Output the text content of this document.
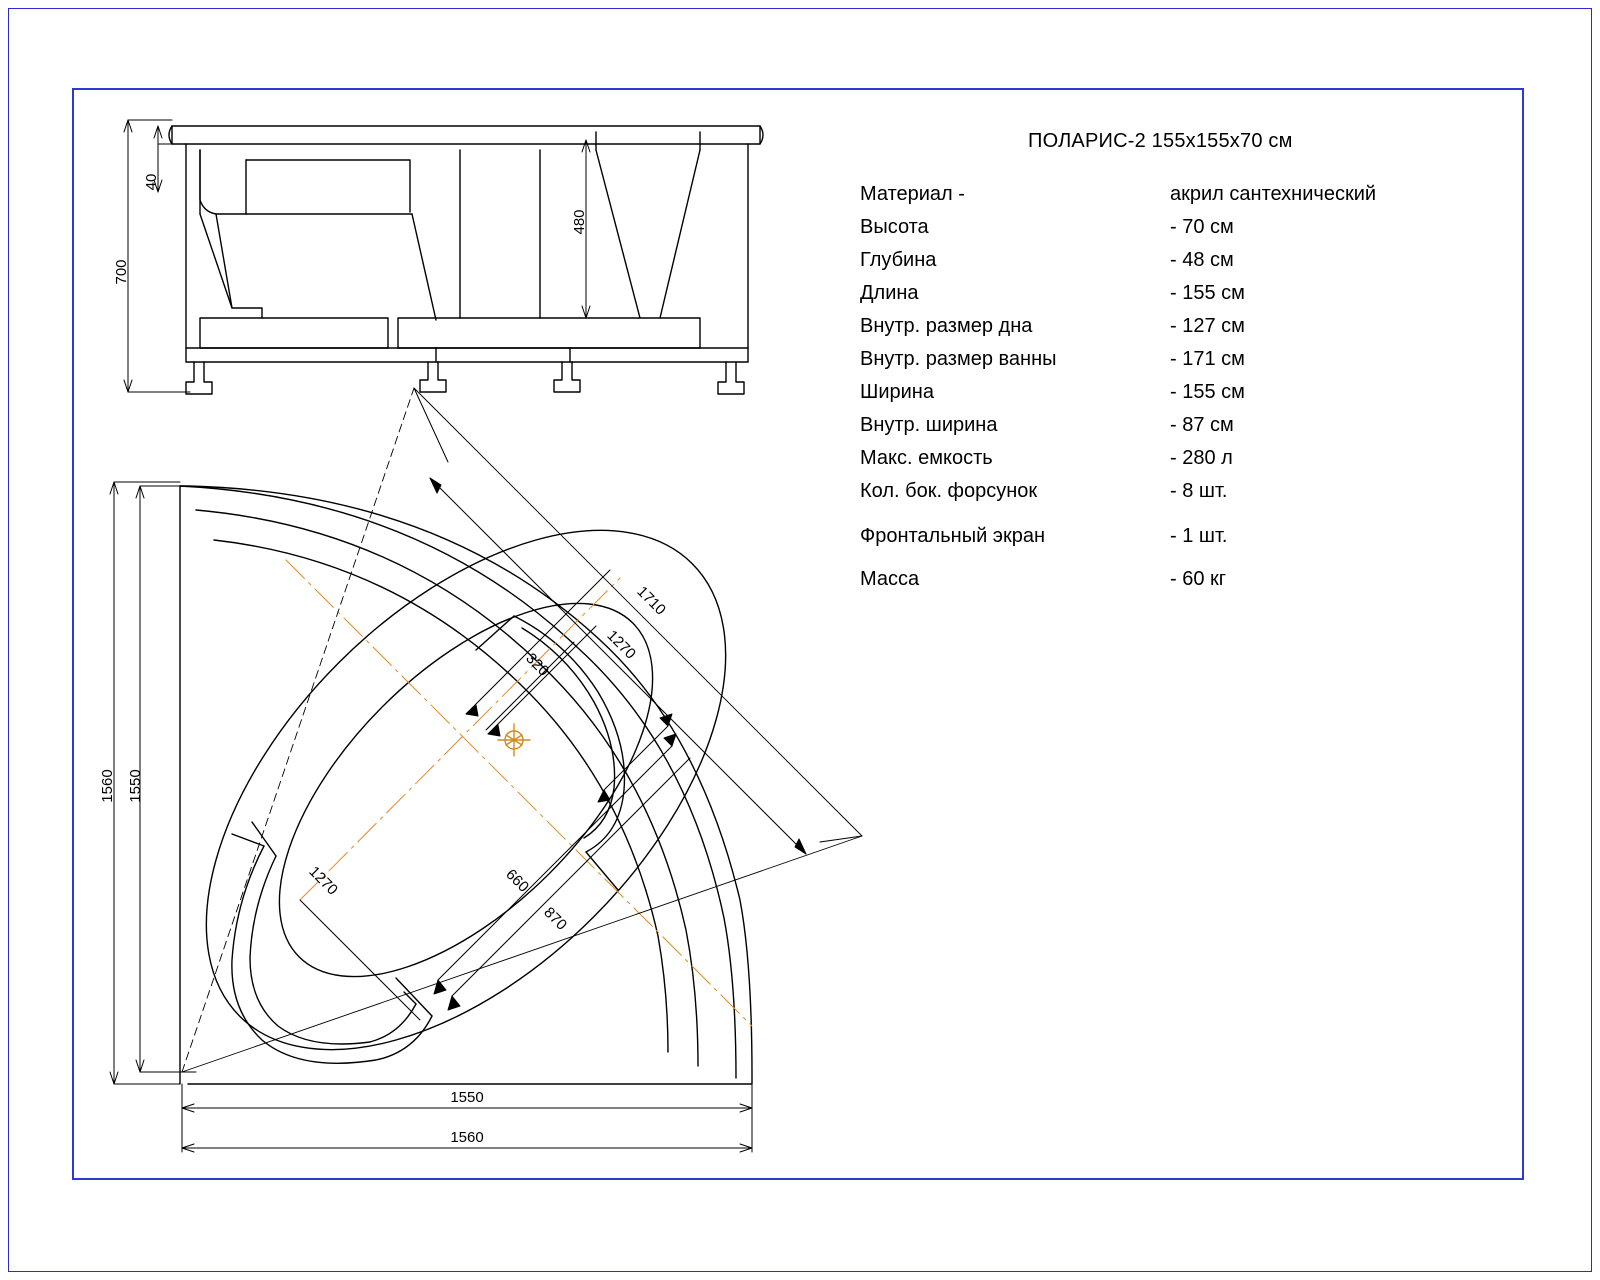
700
40
480
1560 1550
1550
1560
1710
1270
320
660
870
1270
ПОЛАРИС-2 155х155х70 см
Материал -	акрил сантехнический
Высота	- 70 см
Глубина	- 48 см
Длина	- 155 см
Внутр. размер дна	- 127 см
Внутр. размер ванны	- 171 см
Ширина	- 155 см
Внутр. ширина	- 87 см
Макс. емкость	- 280 л
Кол. бок. форсунок	- 8 шт.
Фронтальный экран	- 1 шт.
Масса	- 60 кг
